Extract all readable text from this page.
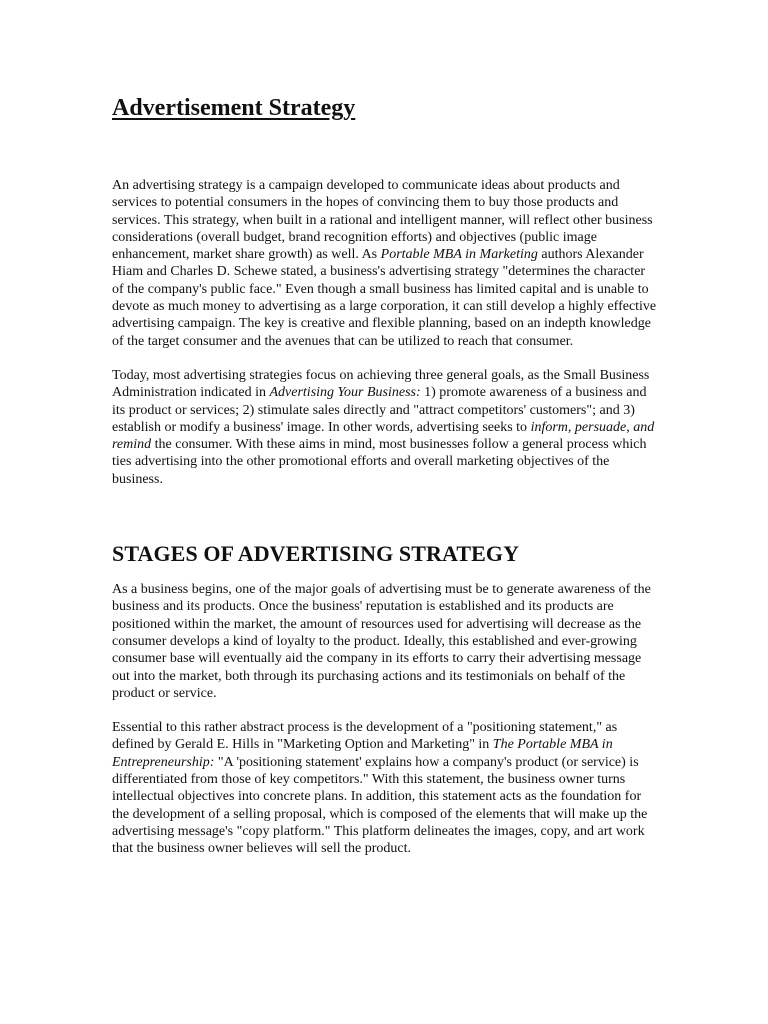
Advertisement Strategy

An advertising strategy is a campaign developed to communicate ideas about products and services to potential consumers in the hopes of convincing them to buy those products and services. This strategy, when built in a rational and intelligent manner, will reflect other business considerations (overall budget, brand recognition efforts) and objectives (public image enhancement, market share growth) as well. As Portable MBA in Marketing authors Alexander Hiam and Charles D. Schewe stated, a business's advertising strategy "determines the character of the company's public face." Even though a small business has limited capital and is unable to devote as much money to advertising as a large corporation, it can still develop a highly effective advertising campaign. The key is creative and flexible planning, based on an indepth knowledge of the target consumer and the avenues that can be utilized to reach that consumer.

Today, most advertising strategies focus on achieving three general goals, as the Small Business Administration indicated in Advertising Your Business: 1) promote awareness of a business and its product or services; 2) stimulate sales directly and "attract competitors' customers"; and 3) establish or modify a business' image. In other words, advertising seeks to inform, persuade, and remind the consumer. With these aims in mind, most businesses follow a general process which ties advertising into the other promotional efforts and overall marketing objectives of the business.

STAGES OF ADVERTISING STRATEGY

As a business begins, one of the major goals of advertising must be to generate awareness of the business and its products. Once the business' reputation is established and its products are positioned within the market, the amount of resources used for advertising will decrease as the consumer develops a kind of loyalty to the product. Ideally, this established and ever-growing consumer base will eventually aid the company in its efforts to carry their advertising message out into the market, both through its purchasing actions and its testimonials on behalf of the product or service.

Essential to this rather abstract process is the development of a "positioning statement," as defined by Gerald E. Hills in "Marketing Option and Marketing" in The Portable MBA in Entrepreneurship: "A 'positioning statement' explains how a company's product (or service) is differentiated from those of key competitors." With this statement, the business owner turns intellectual objectives into concrete plans. In addition, this statement acts as the foundation for the development of a selling proposal, which is composed of the elements that will make up the advertising message's "copy platform." This platform delineates the images, copy, and art work that the business owner believes will sell the product.
